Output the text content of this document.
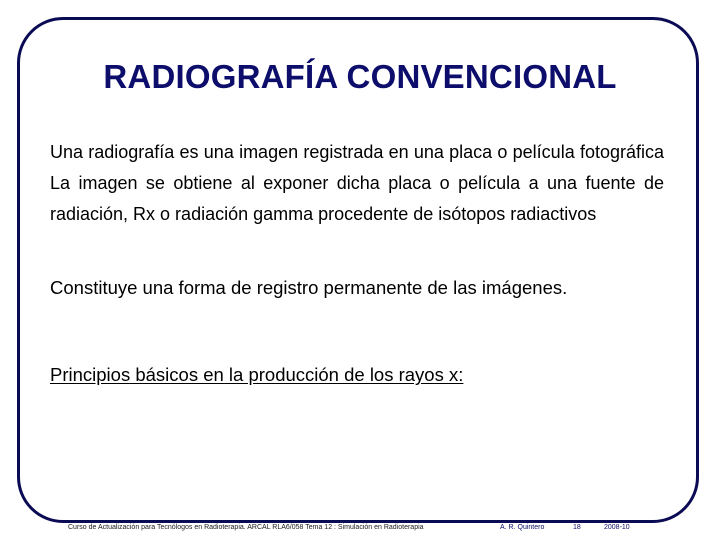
RADIOGRAFÍA CONVENCIONAL

Una radiografía es una imagen registrada en una placa o película fotográfica La imagen se obtiene al exponer dicha placa o película a una fuente de radiación, Rx o radiación gamma procedente de isótopos radiactivos

Constituye una forma de registro permanente de las imágenes.

Principios básicos en la producción de los rayos x:

Curso de Actualización para Tecnólogos en Radioterapia. ARCAL RLA6/058 Tema 12 : Simulación en Radioterapia	A. R. Quintero	18	2008-10
